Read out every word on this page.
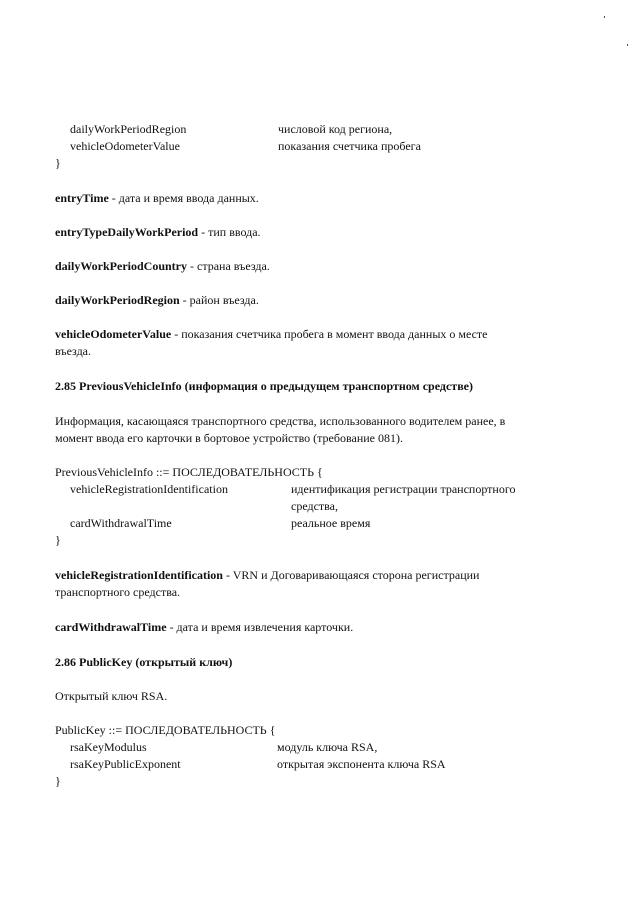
dailyWorkPeriodRegion	числовой код региона,
vehicleOdometerValue	показания счетчика пробега
}
entryTime - дата и время ввода данных.
entryTypeDailyWorkPeriod - тип ввода.
dailyWorkPeriodCountry - страна въезда.
dailyWorkPeriodRegion - район въезда.
vehicleOdometerValue - показания счетчика пробега в момент ввода данных о месте
въезда.
2.85 PreviousVehicleInfo (информация о предыдущем транспортном средстве)
Информация, касающаяся транспортного средства, использованного водителем ранее, в
момент ввода его карточки в бортовое устройство (требование 081).
PreviousVehicleInfo ::= ПОСЛЕДОВАТЕЛЬНОСТЬ {
vehicleRegistrationIdentification	идентификация регистрации транспортного
средства,
cardWithdrawalTime	реальное время
}
vehicleRegistrationIdentification - VRN и Договаривающаяся сторона регистрации
транспортного средства.
cardWithdrawalTime - дата и время извлечения карточки.
2.86 PublicKey (открытый ключ)
Открытый ключ RSA.
PublicKey ::= ПОСЛЕДОВАТЕЛЬНОСТЬ {
rsaKeyModulus	модуль ключа RSA,
rsaKeyPublicExponent	открытая экспонента ключа RSA
}
